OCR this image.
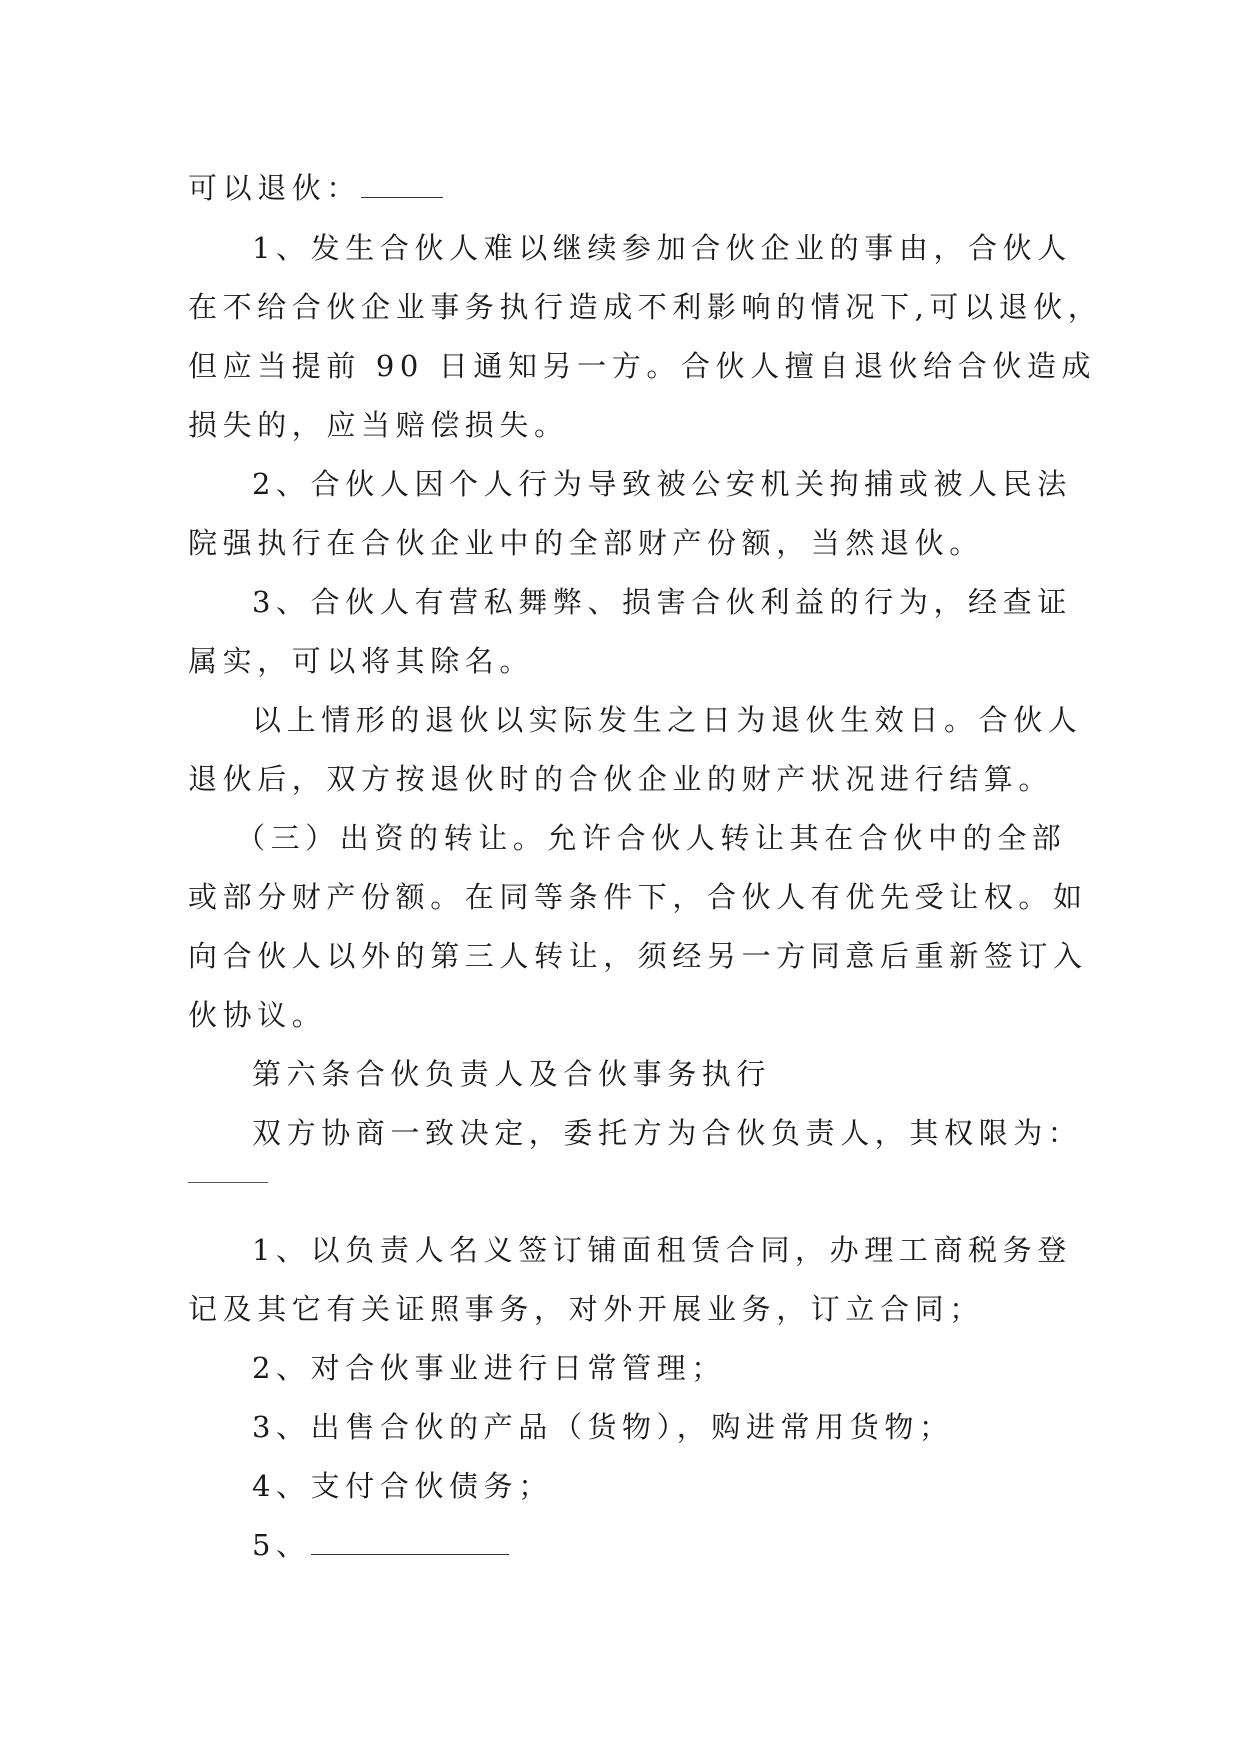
可以退伙：
1、发生合伙人难以继续参加合伙企业的事由，合伙人
在不给合伙企业事务执行造成不利影响的情况下,可以退伙，
但应当提前 90 日通知另一方。合伙人擅自退伙给合伙造成
损失的，应当赔偿损失。
2、合伙人因个人行为导致被公安机关拘捕或被人民法
院强执行在合伙企业中的全部财产份额，当然退伙。
3、合伙人有营私舞弊、损害合伙利益的行为，经查证
属实，可以将其除名。
以上情形的退伙以实际发生之日为退伙生效日。合伙人
退伙后，双方按退伙时的合伙企业的财产状况进行结算。
（三）出资的转让。允许合伙人转让其在合伙中的全部
或部分财产份额。在同等条件下，合伙人有优先受让权。如
向合伙人以外的第三人转让，须经另一方同意后重新签订入
伙协议。
第六条合伙负责人及合伙事务执行
双方协商一致决定，委托方为合伙负责人，其权限为：
1、以负责人名义签订铺面租赁合同，办理工商税务登
记及其它有关证照事务，对外开展业务，订立合同；
2、对合伙事业进行日常管理；
3、出售合伙的产品（货物），购进常用货物；
4、支付合伙债务；
5、
